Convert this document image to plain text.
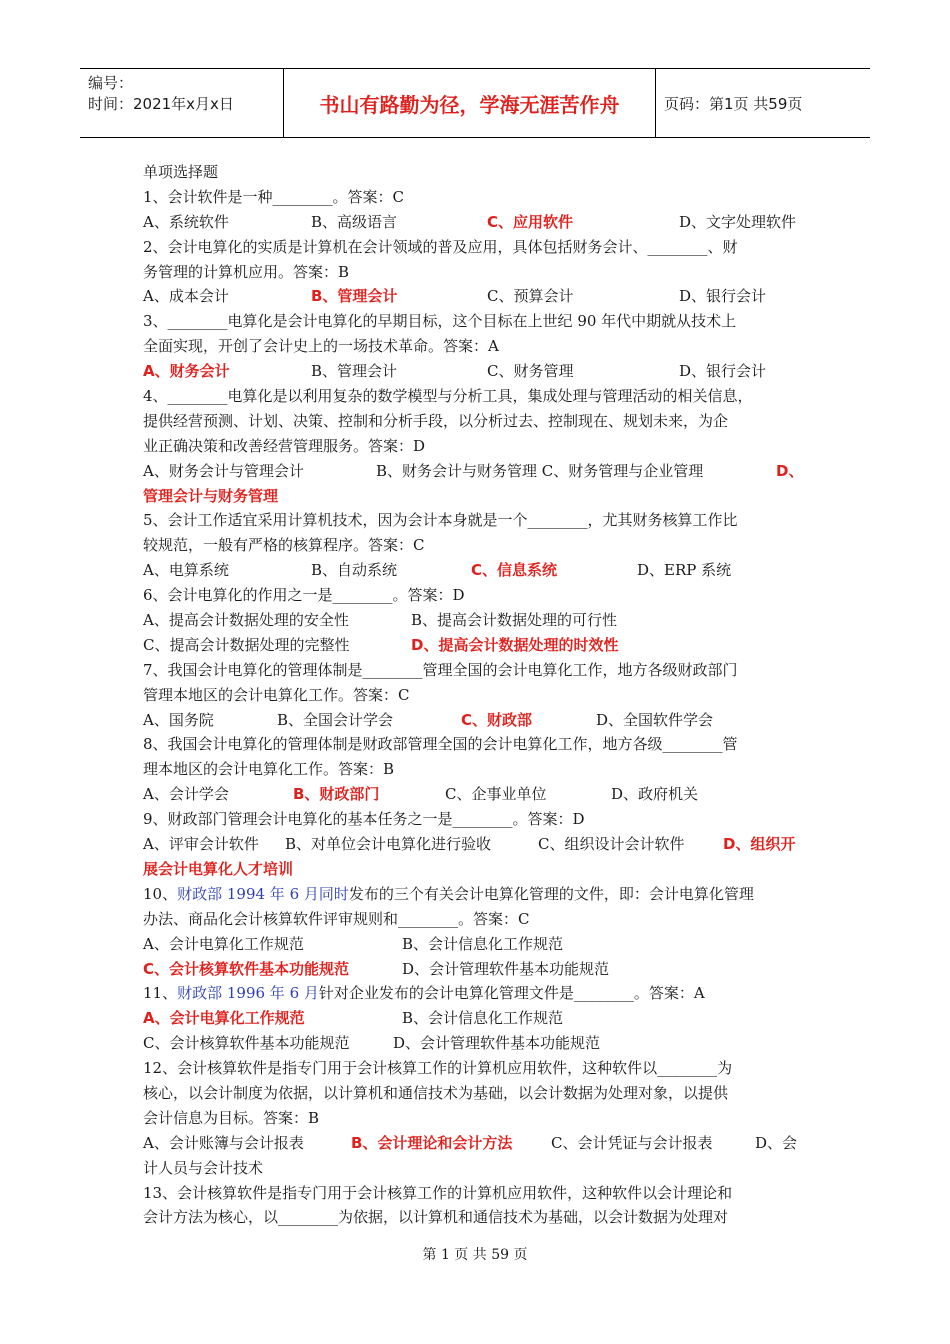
编号：
时间：2021年x月x日	书山有路勤为径，学海无涯苦作舟	页码：第1页 共59页
单项选择题
1、会计软件是一种________。答案：C
A、系统软件	B、高级语言	C、应用软件	D、文字处理软件
2、会计电算化的实质是计算机在会计领域的普及应用，具体包括财务会计、________、财
务管理的计算机应用。答案：B
A、成本会计	B、管理会计	C、预算会计	D、银行会计
3、________电算化是会计电算化的早期目标，这个目标在上世纪 90 年代中期就从技术上
全面实现，开创了会计史上的一场技术革命。答案：A
A、财务会计	B、管理会计	C、财务管理	D、银行会计
4、________电算化是以利用复杂的数学模型与分析工具，集成处理与管理活动的相关信息，
提供经营预测、计划、决策、控制和分析手段，以分析过去、控制现在、规划未来，为企
业正确决策和改善经营管理服务。答案：D
A、财务会计与管理会计	B、财务会计与财务管理 C、财务管理与企业管理	D、
管理会计与财务管理
5、会计工作适宜采用计算机技术，因为会计本身就是一个________，尤其财务核算工作比
较规范，一般有严格的核算程序。答案：C
A、电算系统	B、自动系统	C、信息系统	D、ERP 系统
6、会计电算化的作用之一是________。答案：D
A、提高会计数据处理的安全性	B、提高会计数据处理的可行性
C、提高会计数据处理的完整性	D、提高会计数据处理的时效性
7、我国会计电算化的管理体制是________管理全国的会计电算化工作，地方各级财政部门
管理本地区的会计电算化工作。答案：C
A、国务院	B、全国会计学会	C、财政部	D、全国软件学会
8、我国会计电算化的管理体制是财政部管理全国的会计电算化工作，地方各级________管
理本地区的会计电算化工作。答案：B
A、会计学会	B、财政部门	C、企事业单位	D、政府机关
9、财政部门管理会计电算化的基本任务之一是________。答案：D
A、评审会计软件 B、对单位会计电算化进行验收	C、组织设计会计软件	D、组织开
展会计电算化人才培训
10、财政部 1994 年 6 月同时发布的三个有关会计电算化管理的文件，即：会计电算化管理
办法、商品化会计核算软件评审规则和________。答案：C
A、会计电算化工作规范	B、会计信息化工作规范
C、会计核算软件基本功能规范	D、会计管理软件基本功能规范
11、财政部 1996 年 6 月针对企业发布的会计电算化管理文件是________。答案：A
A、会计电算化工作规范	B、会计信息化工作规范
C、会计核算软件基本功能规范	D、会计管理软件基本功能规范
12、会计核算软件是指专门用于会计核算工作的计算机应用软件，这种软件以________为
核心，以会计制度为依据，以计算机和通信技术为基础，以会计数据为处理对象，以提供
会计信息为目标。答案：B
A、会计账簿与会计报表	B、会计理论和会计方法	C、会计凭证与会计报表	D、会
计人员与会计技术
13、会计核算软件是指专门用于会计核算工作的计算机应用软件，这种软件以会计理论和
会计方法为核心，以________为依据，以计算机和通信技术为基础，以会计数据为处理对
第 1 页 共 59 页
